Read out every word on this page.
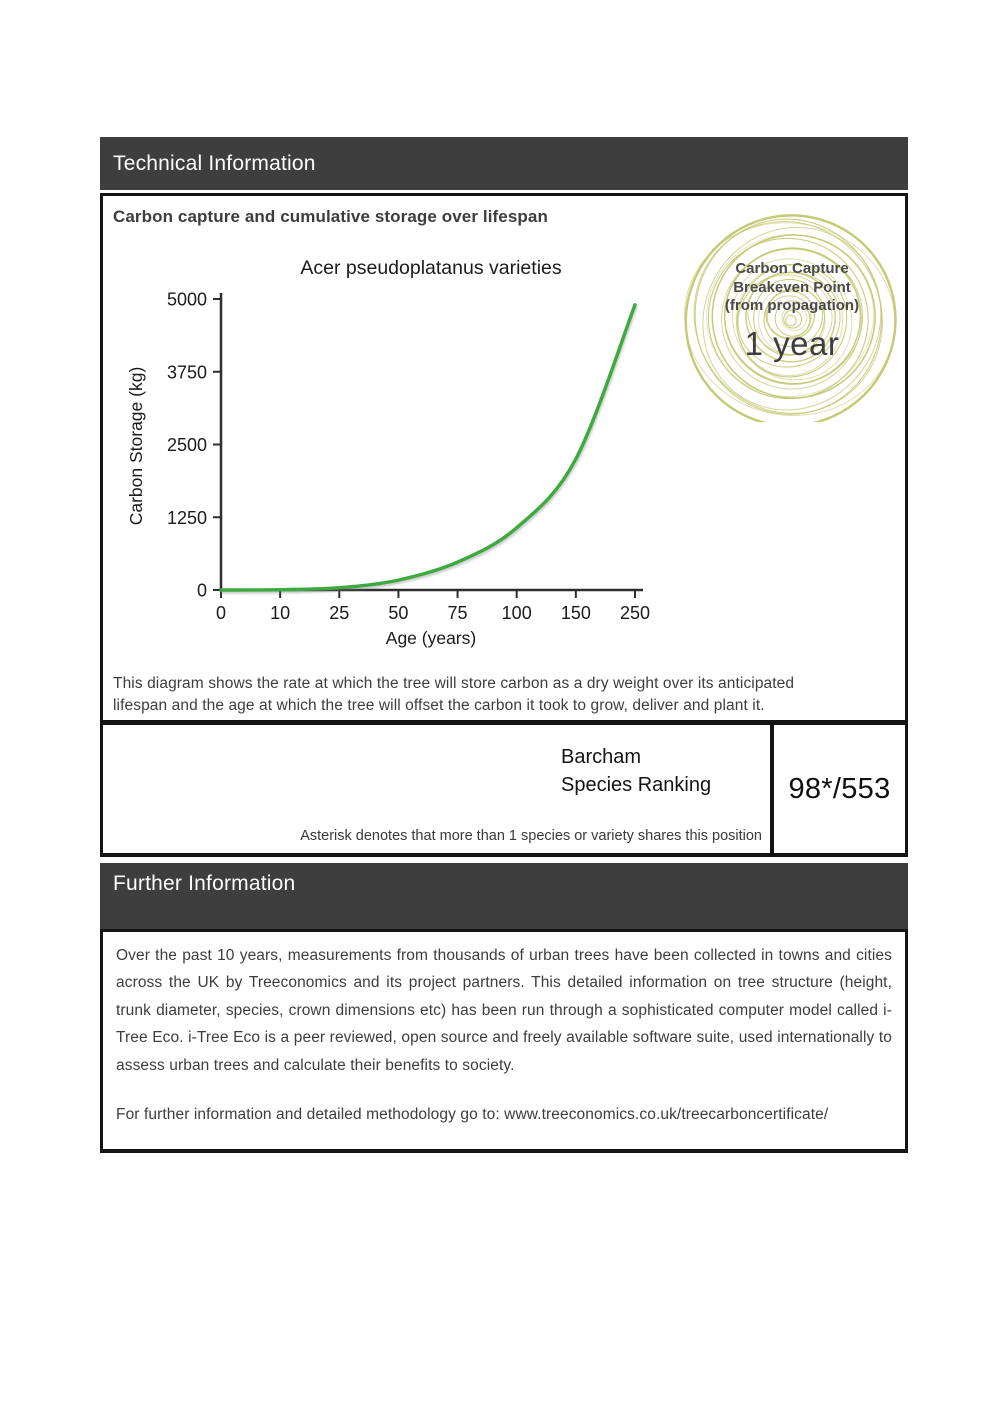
Technical Information
Carbon capture and cumulative storage over lifespan
Acer pseudoplatanus varieties
Carbon Storage (kg)
Age (years)
0
1250
2500
3750
5000
0 10 25 50 75 100 150 250
Carbon Capture
Breakeven Point
(from propagation)
1 year
This diagram shows the rate at which the tree will store carbon as a dry weight over its anticipated
lifespan and the age at which the tree will offset the carbon it took to grow, deliver and plant it.
Barcham
Species Ranking
Asterisk denotes that more than 1 species or variety shares this position
98*/553
Further Information

Over the past 10 years, measurements from thousands of urban trees have been collected in towns and cities across the UK by Treeconomics and its project partners. This detailed information on tree structure (height, trunk diameter, species, crown dimensions etc) has been run through a sophisticated computer model called i-Tree Eco. i-Tree Eco is a peer reviewed, open source and freely available software suite, used internationally to assess urban trees and calculate their benefits to society.

For further information and detailed methodology go to: www.treeconomics.co.uk/treecarboncertificate/
